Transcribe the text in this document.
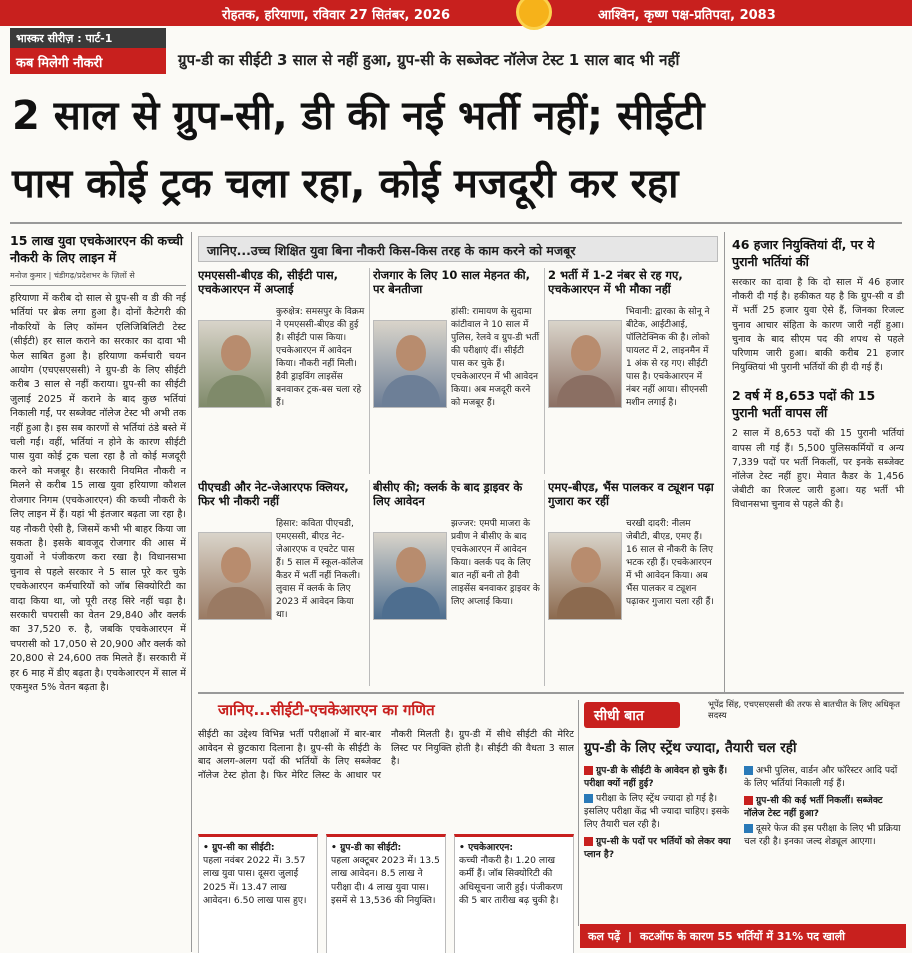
रोहतक, हरियाणा, रविवार 27 सितंबर, 2026	आश्विन, कृष्ण पक्ष-प्रतिपदा, 2083
भास्कर सीरीज़ : पार्ट-1
कब मिलेगी नौकरी	ग्रुप-डी का सीईटी 3 साल से नहीं हुआ, ग्रुप-सी के सब्जेक्ट नॉलेज टेस्ट 1 साल बाद भी नहीं
2 साल से ग्रुप-सी, डी की नई भर्ती नहीं; सीईटी
पास कोई ट्रक चला रहा, कोई मजदूरी कर रहा
15 लाख युवा एचकेआरएन की कच्ची नौकरी के लिए लाइन में
मनोज कुमार | चंडीगढ़/प्रदेशभर के ज़िलों से
हरियाणा में करीब दो साल से ग्रुप-सी व डी की नई भर्तियां पर ब्रेक लगा हुआ है। दोनों कैटेगरी की नौकरियों के लिए कॉमन एलिजिबिलिटी टेस्ट (सीईटी) हर साल कराने का सरकार का दावा भी फेल साबित हुआ है। हरियाणा कर्मचारी चयन आयोग (एचएसएससी) ने ग्रुप-डी के लिए सीईटी करीब 3 साल से नहीं कराया। ग्रुप-सी का सीईटी जुलाई 2025 में कराने के बाद कुछ भर्तियां निकाली गईं, पर सब्जेक्ट नॉलेज टेस्ट भी अभी तक नहीं हुआ है। इस सब कारणों से भर्तियां ठंडे बस्ते में चली गईं। वहीं, भर्तियां न होने के कारण सीईटी पास युवा कोई ट्रक चला रहा है तो कोई मजदूरी करने को मजबूर है। सरकारी नियमित नौकरी न मिलने से करीब 15 लाख युवा हरियाणा कौशल रोजगार निगम (एचकेआरएन) की कच्ची नौकरी के लिए लाइन में हैं। यहां भी इंतजार बढ़ता जा रहा है। यह नौकरी ऐसी है, जिसमें कभी भी बाहर किया जा सकता है। इसके बावजूद रोजगार की आस में युवाओं ने पंजीकरण करा रखा है। विधानसभा चुनाव से पहले सरकार ने 5 साल पूरे कर चुके एचकेआरएन कर्मचारियों को जॉब सिक्योरिटी का वादा किया था, जो पूरी तरह सिरे नहीं चढ़ा है। सरकारी चपरासी का वेतन 29,840 और क्लर्क का 37,520 रु. है, जबकि एचकेआरएन में चपरासी को 17,050 से 20,900 और क्लर्क को 20,800 से 24,600 तक मिलते हैं। सरकारी में हर 6 माह में डीए बढ़ता है। एचकेआरएन में साल में एकमुश्त 5% वेतन बढ़ता है।
जानिए...उच्च शिक्षित युवा बिना नौकरी किस-किस तरह के काम करने को मजबूर
एमएससी-बीएड की, सीईटी पास, एचकेआरएन में अप्लाई
कुरुक्षेत्र: समसपुर के विक्रम ने एमएससी-बीएड की हुई है। सीईटी पास किया। एचकेआरएन में आवेदन किया। नौकरी नहीं मिली। हैवी ड्राइविंग लाइसेंस बनवाकर ट्रक-बस चला रहे हैं।
रोजगार के लिए 10 साल मेहनत की, पर बेनतीजा
हांसी: रामायण के सुदामा कांटीवाल ने 10 साल में पुलिस, रेलवे व ग्रुप-डी भर्ती की परीक्षाएं दीं। सीईटी पास कर चुके हैं। एचकेआरएन में भी आवेदन किया। अब मजदूरी करने को मजबूर हैं।
2 भर्ती में 1-2 नंबर से रह गए, एचकेआरएन में भी मौका नहीं
भिवानी: द्वारका के सोनू ने बीटेक, आईटीआई, पॉलिटेक्निक की है। लोको पायलट में 2, लाइनमैन में 1 अंक से रह गए। सीईटी पास है। एचकेआरएन में नंबर नहीं आया। सीएनसी मशीन लगाई है।
पीएचडी और नेट-जेआरएफ क्लियर, फिर भी नौकरी नहीं
हिसार: कविता पीएचडी, एमएससी, बीएड नेट-जेआरएफ व एचटेट पास हैं। 5 साल में स्कूल-कॉलेज कैडर में भर्ती नहीं निकली। लुवास में क्लर्क के लिए 2023 में आवेदन किया था।
बीसीए की; क्लर्क के बाद ड्राइवर के लिए आवेदन
झज्जर: एमपी माजरा के प्रवीण ने बीसीए के बाद एचकेआरएन में आवेदन किया। क्लर्क पद के लिए बात नहीं बनी तो हैवी लाइसेंस बनवाकर ड्राइवर के लिए अप्लाई किया।
एमए-बीएड, भैंस पालकर व ट्यूशन पढ़ा गुजारा कर रहीं
चरखी दादरी: नीलम जेबीटी, बीएड, एमए हैं। 16 साल से नौकरी के लिए भटक रही हैं। एचकेआरएन में भी आवेदन किया। अब भैंस पालकर व ट्यूशन पढ़ाकर गुजारा चला रही हैं।
46 हजार नियुक्तियां दीं, पर ये पुरानी भर्तियां कीं
सरकार का दावा है कि दो साल में 46 हजार नौकरी दी गई है। हकीकत यह है कि ग्रुप-सी व डी में भर्ती 25 हजार युवा ऐसे हैं, जिनका रिजल्ट चुनाव आचार संहिता के कारण जारी नहीं हुआ। चुनाव के बाद सीएम पद की शपथ से पहले परिणाम जारी हुआ। बाकी करीब 21 हजार नियुक्तियां भी पुरानी भर्तियों की ही दी गई हैं।
2 वर्ष में 8,653 पदों की 15 पुरानी भर्ती वापस लीं
2 साल में 8,653 पदों की 15 पुरानी भर्तियां वापस ली गई हैं। 5,500 पुलिसकर्मियों व अन्य 7,339 पदों पर भर्ती निकलीं, पर इनके सब्जेक्ट नॉलेज टेस्ट नहीं हुए। मेवात कैडर के 1,456 जेबीटी का रिजल्ट जारी हुआ। यह भर्ती भी विधानसभा चुनाव से पहले की है।
जानिए...सीईटी-एचकेआरएन का गणित
सीईटी का उद्देश्य विभिन्न भर्ती परीक्षाओं में बार-बार आवेदन से छुटकारा दिलाना है। ग्रुप-सी के सीईटी के बाद अलग-अलग पदों की भर्तियों के लिए सब्जेक्ट नॉलेज टेस्ट होता है। फिर मेरिट लिस्ट के आधार पर नौकरी मिलती है। ग्रुप-डी में सीधे सीईटी की मेरिट लिस्ट पर नियुक्ति होती है। सीईटी की वैधता 3 साल है।
• ग्रुप-सी का सीईटी:
पहला नवंबर 2022 में। 3.57 लाख युवा पास। दूसरा जुलाई 2025 में। 13.47 लाख आवेदन। 6.50 लाख पास हुए।
• ग्रुप-डी का सीईटी:
पहला अक्टूबर 2023 में। 13.5 लाख आवेदन। 8.5 लाख ने परीक्षा दी। 4 लाख युवा पास। इसमें से 13,536 की नियुक्ति।
• एचकेआरएन:
कच्ची नौकरी है। 1.20 लाख कर्मी हैं। जॉब सिक्योरिटी की अधिसूचना जारी हुई। पंजीकरण की 5 बार तारीख बढ़ चुकी है।
सीधी बात
भूपेंद्र सिंह, एचएसएससी की तरफ से बातचीत के लिए अधिकृत सदस्य
ग्रुप-डी के लिए स्ट्रेंथ ज्यादा, तैयारी चल रही
ग्रुप-डी के सीईटी के आवेदन हो चुके हैं। परीक्षा क्यों नहीं हुई?
परीक्षा के लिए स्ट्रेंथ ज्यादा हो गई है। इसलिए परीक्षा केंद्र भी ज्यादा चाहिए। इसके लिए तैयारी चल रही है।
ग्रुप-सी के पदों पर भर्तियों को लेकर क्या प्लान है?
अभी पुलिस, वार्डन और फॉरेस्टर आदि पदों के लिए भर्तियां निकाली गई हैं।
ग्रुप-सी की कई भर्ती निकलीं। सब्जेक्ट नॉलेज टेस्ट नहीं हुआ?
दूसरे फेज की इस परीक्षा के लिए भी प्रक्रिया चल रही है। इनका जल्द शेड्यूल आएगा।
कल पढ़ें | कटऑफ के कारण 55 भर्तियों में 31% पद खाली
